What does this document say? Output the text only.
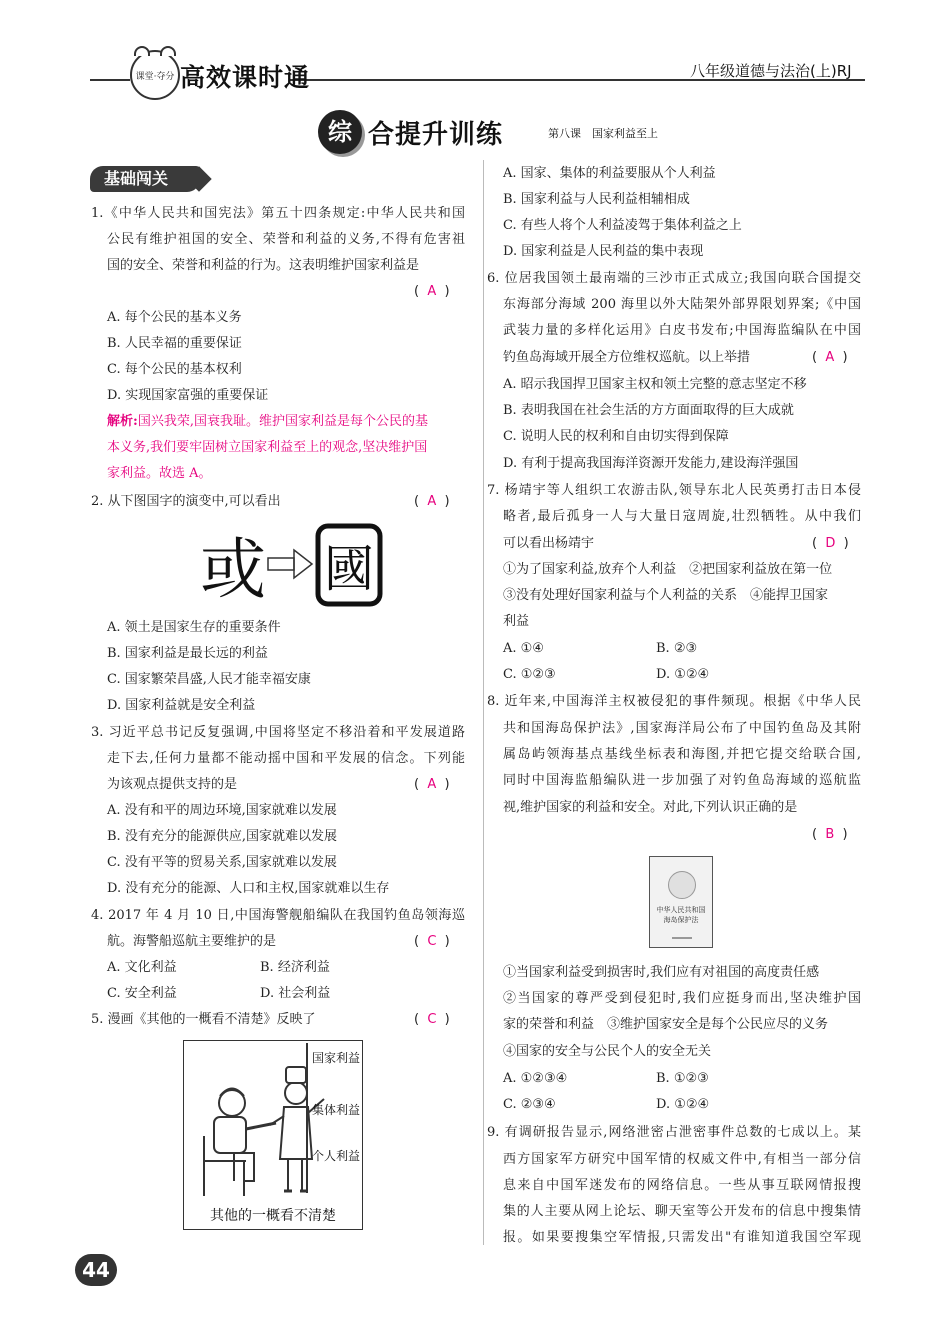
课堂·夺分 高效课时通	八年级道德与法治(上)RJ
综 合提升训练	第八课　国家利益至上
基础闯关
1.《中华人民共和国宪法》第五十四条规定:中华人民共和国
公民有维护祖国的安全、荣誉和利益的义务,不得有危害祖
国的安全、荣誉和利益的行为。这表明维护国家利益是
A. 每个公民的基本义务
B. 人民幸福的重要保证
C. 每个公民的基本权利
D. 实现国家富强的重要保证
2. 从下图国字的演变中,可以看出
A. 领土是国家生存的重要条件
B. 国家利益是最长远的利益
C. 国家繁荣昌盛,人民才能幸福安康
D. 国家利益就是安全利益
3. 习近平总书记反复强调,中国将坚定不移沿着和平发展道路
走下去,任何力量都不能动摇中国和平发展的信念。下列能
为该观点提供支持的是
A. 没有和平的周边环境,国家就难以发展
B. 没有充分的能源供应,国家就难以发展
C. 没有平等的贸易关系,国家就难以发展
D. 没有充分的能源、人口和主权,国家就难以生存
4. 2017 年 4 月 10 日,中国海警舰船编队在我国钓鱼岛领海巡
航。海警船巡航主要维护的是
A. 文化利益	B. 经济利益
C. 安全利益	D. 社会利益
5. 漫画《其他的一概看不清楚》反映了
(  A  )
(  A  )
(  A  )
(  C  )
(  C  )
解析:国兴我荣,国衰我耻。维护国家利益是每个公民的基
本义务,我们要牢固树立国家利益至上的观念,坚决维护国
家利益。故选 A。
或 國
国家利益
集体利益
个人利益
其他的一概看不清楚
A. 国家、集体的利益要服从个人利益
B. 国家利益与人民利益相辅相成
C. 有些人将个人利益凌驾于集体利益之上
D. 国家利益是人民利益的集中表现
6. 位居我国领土最南端的三沙市正式成立;我国向联合国提交
东海部分海域 200 海里以外大陆架外部界限划界案;《中国
武装力量的多样化运用》白皮书发布;中国海监编队在中国
钓鱼岛海域开展全方位维权巡航。以上举措
A. 昭示我国捍卫国家主权和领土完整的意志坚定不移
B. 表明我国在社会生活的方方面面取得的巨大成就
C. 说明人民的权利和自由切实得到保障
D. 有利于提高我国海洋资源开发能力,建设海洋强国
7. 杨靖宇等人组织工农游击队,领导东北人民英勇打击日本侵
略者,最后孤身一人与大量日寇周旋,壮烈牺牲。从中我们
可以看出杨靖宇
①为了国家利益,放弃个人利益　②把国家利益放在第一位
③没有处理好国家利益与个人利益的关系　④能捍卫国家
利益
A. ①④	B. ②③
C. ①②③	D. ①②④
8. 近年来,中国海洋主权被侵犯的事件频现。根据《中华人民
共和国海岛保护法》,国家海洋局公布了中国钓鱼岛及其附
属岛屿领海基点基线坐标表和海图,并把它提交给联合国,
同时中国海监船编队进一步加强了对钓鱼岛海域的巡航监
视,维护国家的利益和安全。对此,下列认识正确的是
①当国家利益受到损害时,我们应有对祖国的高度责任感
②当国家的尊严受到侵犯时,我们应挺身而出,坚决维护国
家的荣誉和利益　③维护国家安全是每个公民应尽的义务
④国家的安全与公民个人的安全无关
A. ①②③④	B. ①②③
C. ②③④	D. ①②④
9. 有调研报告显示,网络泄密占泄密事件总数的七成以上。某
西方国家军方研究中国军情的权威文件中,有相当一部分信
息来自中国军迷发布的网络信息。一些从事互联网情报搜
集的人主要从网上论坛、聊天室等公开发布的信息中搜集情
报。如果要搜集空军情报,只需发出"有谁知道我国空军现
(  A  )
(  D  )
(  B  )
中华人民共和国
海岛保护法
44
